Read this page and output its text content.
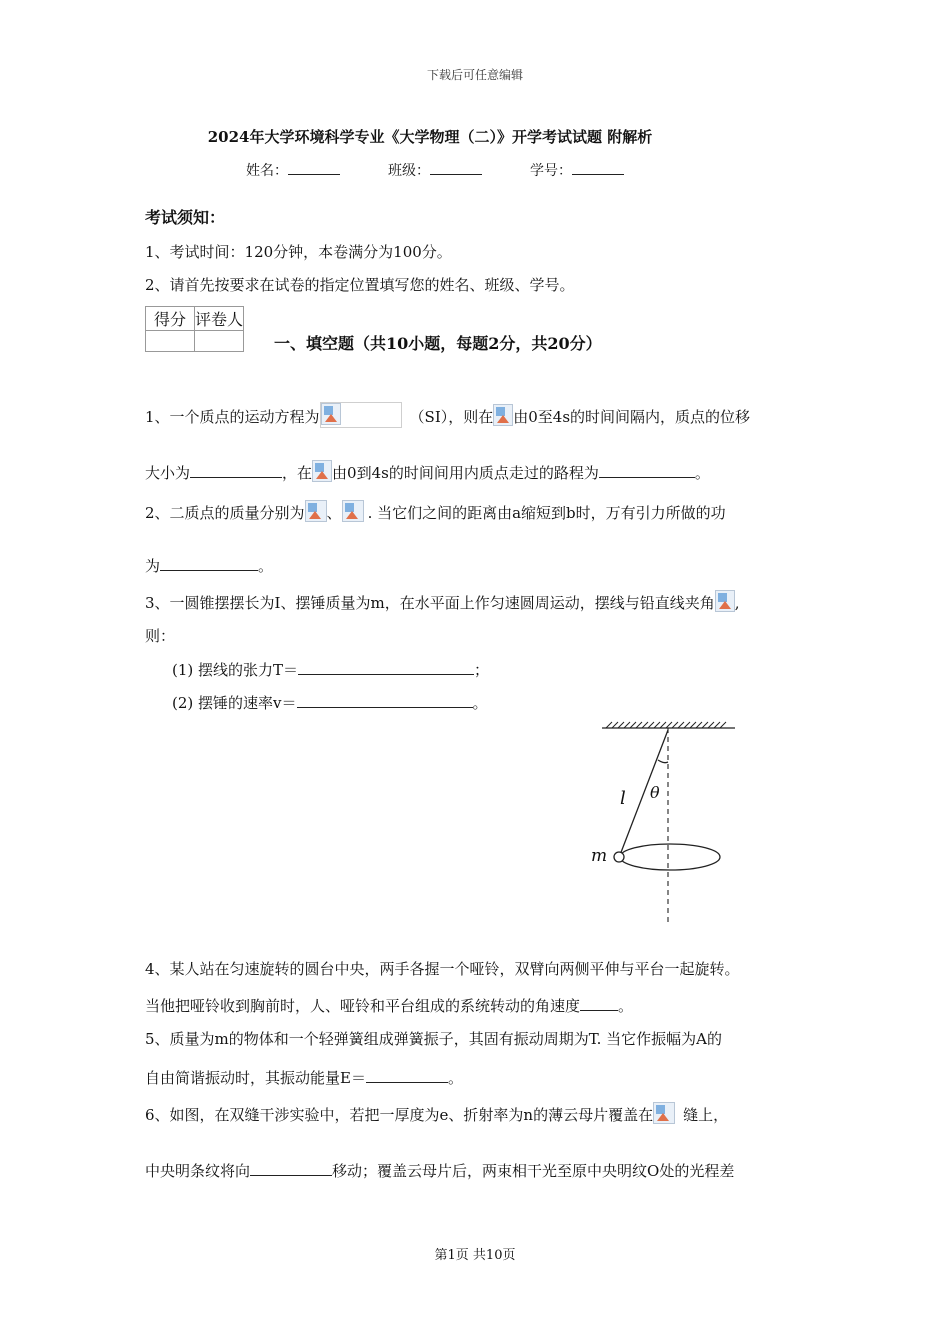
下载后可任意编辑
2024年大学环境科学专业《大学物理（二）》开学考试试题 附解析
姓名：	班级：	学号：
考试须知：
1、考试时间：120分钟，本卷满分为100分。
2、请首先按要求在试卷的指定位置填写您的姓名、班级、学号。
得分	评卷人

一、填空题（共10小题，每题2分，共20分）
1、一个质点的运动方程为	（SI），则在 由0至4s的时间间隔内，质点的位移
大小为	，在 由0到4s的时间间用内质点走过的路程为	。
2、二质点的质量分别为 、 . 当它们之间的距离由a缩短到b时，万有引力所做的功
为	。
3、一圆锥摆摆长为I、摆锤质量为m，在水平面上作匀速圆周运动，摆线与铅直线夹角 ,
则：
(1) 摆线的张力T＝	；
(2) 摆锤的速率v＝	。
l θ
m
4、某人站在匀速旋转的圆台中央，两手各握一个哑铃，双臂向两侧平伸与平台一起旋转。
当他把哑铃收到胸前时，人、哑铃和平台组成的系统转动的角速度	。
5、质量为m的物体和一个轻弹簧组成弹簧振子，其固有振动周期为T. 当它作振幅为A的
自由简谐振动时，其振动能量E＝	。
6、如图，在双缝干涉实验中，若把一厚度为e、折射率为n的薄云母片覆盖在 缝上，
中央明条纹将向	移动；覆盖云母片后，两束相干光至原中央明纹O处的光程差
第1页 共10页
